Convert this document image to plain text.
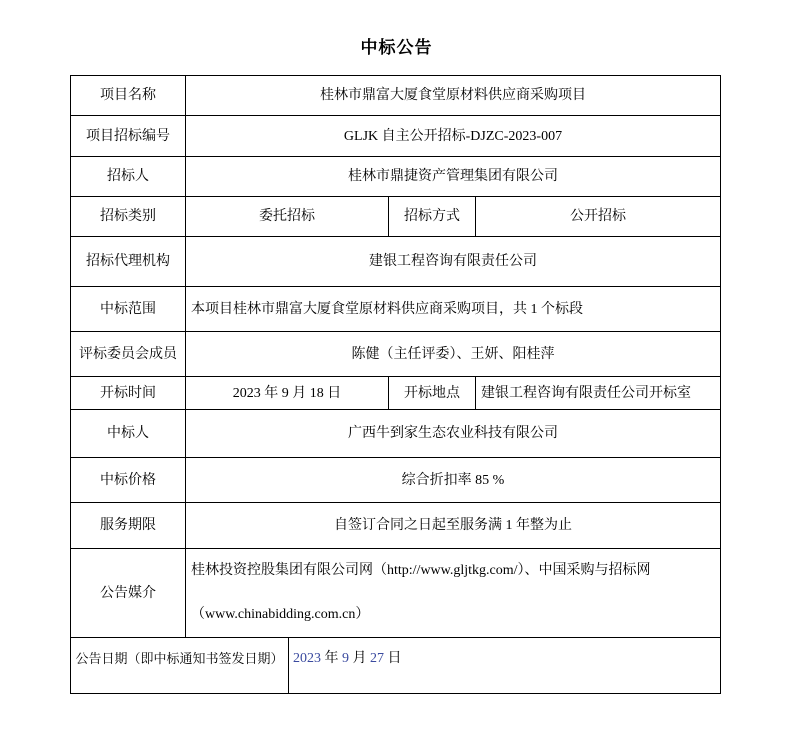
中标公告
项目名称	桂林市鼎富大厦食堂原材料供应商采购项目		
项目招标编号	GLJK 自主公开招标-DJZC-2023-007		
招标人	桂林市鼎捷资产管理集团有限公司		
招标类别	委托招标	招标方式	公开招标
招标代理机构	建银工程咨询有限责任公司		
中标范围	本项目桂林市鼎富大厦食堂原材料供应商采购项目，共 1 个标段		
评标委员会成员	陈健（主任评委）、王妍、阳桂萍		
开标时间	2023 年 9 月 18 日	开标地点	建银工程咨询有限责任公司开标室
中标人	广西牛到家生态农业科技有限公司		
中标价格	综合折扣率 85 %		
服务期限	自签订合同之日起至服务满 1 年整为止		
公告媒介	桂林投资控股集团有限公司网（http://www.gljtkg.com/）、中国采购与招标网
（www.chinabidding.com.cn）		
公告日期（即中标通知书签发日期）	2023 年 9 月 27 日
